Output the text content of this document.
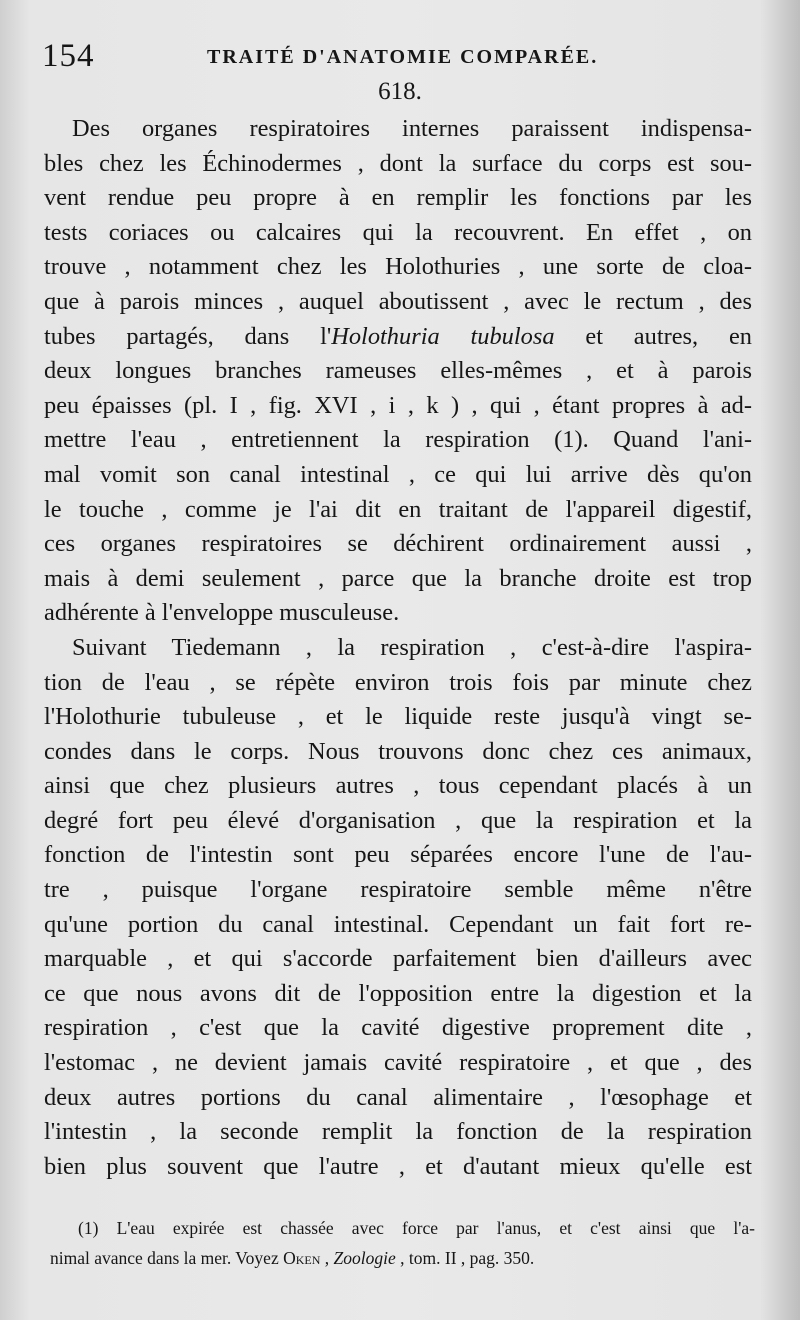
154	TRAITÉ D'ANATOMIE COMPARÉE.
618.
Des organes respiratoires internes paraissent indispensa-
bles chez les Échinodermes , dont la surface du corps est sou-
vent rendue peu propre à en remplir les fonctions par les
tests coriaces ou calcaires qui la recouvrent. En effet , on
trouve , notamment chez les Holothuries , une sorte de cloa-
que à parois minces , auquel aboutissent , avec le rectum , des
tubes partagés, dans l'Holothuria tubulosa et autres, en
deux longues branches rameuses elles-mêmes , et à parois
peu épaisses (pl. I , fig. XVI , i , k ) , qui , étant propres à ad-
mettre l'eau , entretiennent la respiration (1). Quand l'ani-
mal vomit son canal intestinal , ce qui lui arrive dès qu'on
le touche , comme je l'ai dit en traitant de l'appareil digestif,
ces organes respiratoires se déchirent ordinairement aussi ,
mais à demi seulement , parce que la branche droite est trop
adhérente à l'enveloppe musculeuse.
Suivant Tiedemann , la respiration , c'est-à-dire l'aspira-
tion de l'eau , se répète environ trois fois par minute chez
l'Holothurie tubuleuse , et le liquide reste jusqu'à vingt se-
condes dans le corps. Nous trouvons donc chez ces animaux,
ainsi que chez plusieurs autres , tous cependant placés à un
degré fort peu élevé d'organisation , que la respiration et la
fonction de l'intestin sont peu séparées encore l'une de l'au-
tre , puisque l'organe respiratoire semble même n'être
qu'une portion du canal intestinal. Cependant un fait fort re-
marquable , et qui s'accorde parfaitement bien d'ailleurs avec
ce que nous avons dit de l'opposition entre la digestion et la
respiration , c'est que la cavité digestive proprement dite ,
l'estomac , ne devient jamais cavité respiratoire , et que , des
deux autres portions du canal alimentaire , l'œsophage et
l'intestin , la seconde remplit la fonction de la respiration
bien plus souvent que l'autre , et d'autant mieux qu'elle est
(1) L'eau expirée est chassée avec force par l'anus, et c'est ainsi que l'a-
nimal avance dans la mer. Voyez Oken , Zoologie , tom. II , pag. 350.
